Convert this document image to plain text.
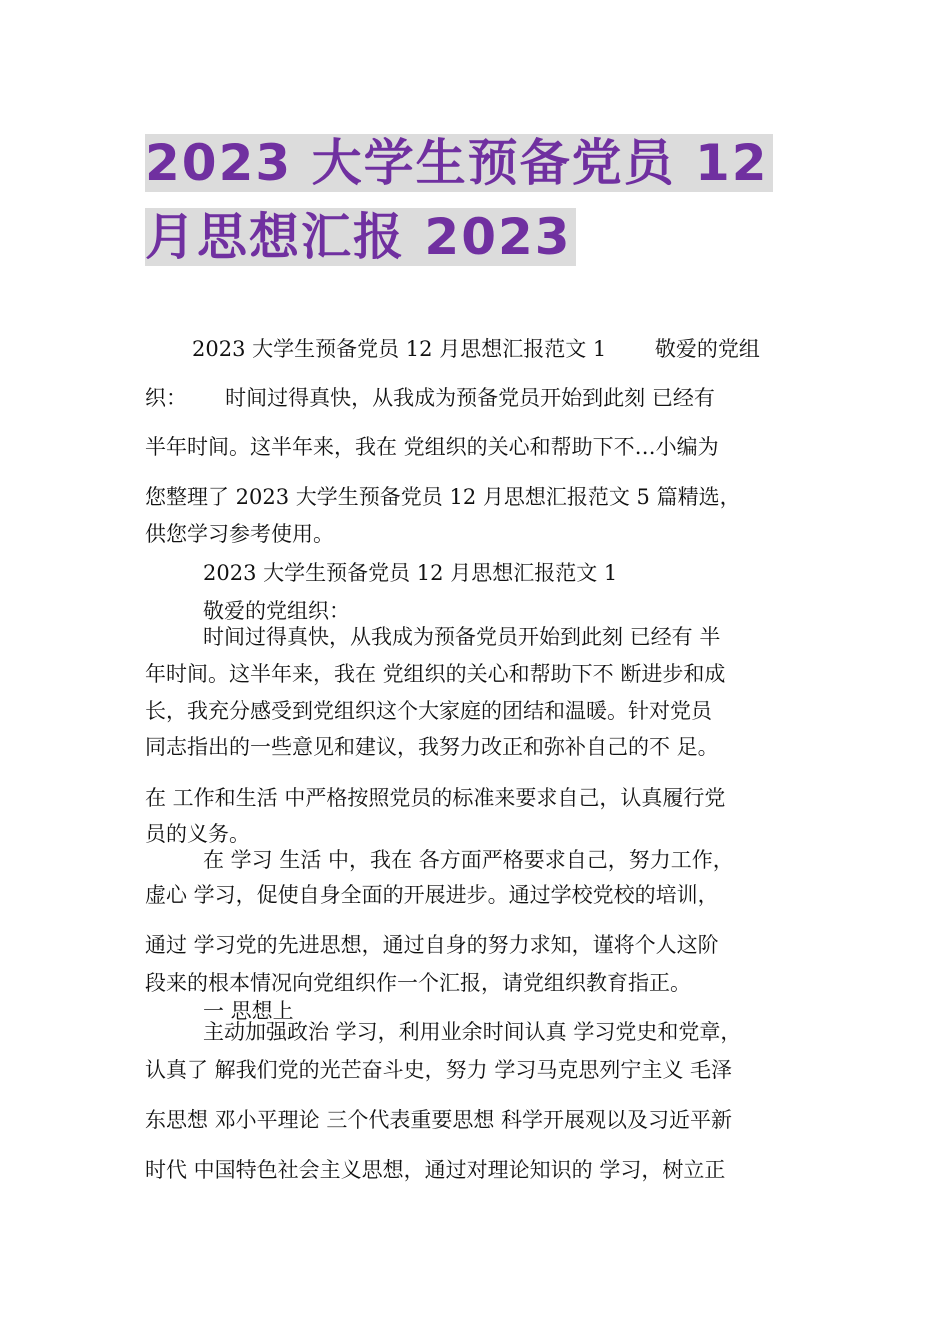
2023 大学生预备党员 12
月思想汇报 2023
2023 大学生预备党员 12 月思想汇报范文 1　　 敬爱的党组
织：　　 时间过得真快，从我成为预备党员开始到此刻 已经有
半年时间。这半年来，我在 党组织的关心和帮助下不…小编为
您整理了 2023 大学生预备党员 12 月思想汇报范文 5 篇精选，
供您学习参考使用。
2023 大学生预备党员 12 月思想汇报范文 1
敬爱的党组织：
时间过得真快，从我成为预备党员开始到此刻 已经有 半
年时间。这半年来，我在 党组织的关心和帮助下不 断进步和成
长，我充分感受到党组织这个大家庭的团结和温暖。针对党员
同志指出的一些意见和建议，我努力改正和弥补自己的不 足。
在 工作和生活 中严格按照党员的标准来要求自己，认真履行党
员的义务。
在 学习 生活 中，我在 各方面严格要求自己，努力工作，
虚心 学习，促使自身全面的开展进步。通过学校党校的培训，
通过 学习党的先进思想，通过自身的努力求知，谨将个人这阶
段来的根本情况向党组织作一个汇报，请党组织教育指正。
一 思想上
主动加强政治 学习，利用业余时间认真 学习党史和党章，
认真了 解我们党的光芒奋斗史，努力 学习马克思列宁主义 毛泽
东思想 邓小平理论 三个代表重要思想 科学开展观以及习近平新
时代 中国特色社会主义思想，通过对理论知识的 学习，树立正
